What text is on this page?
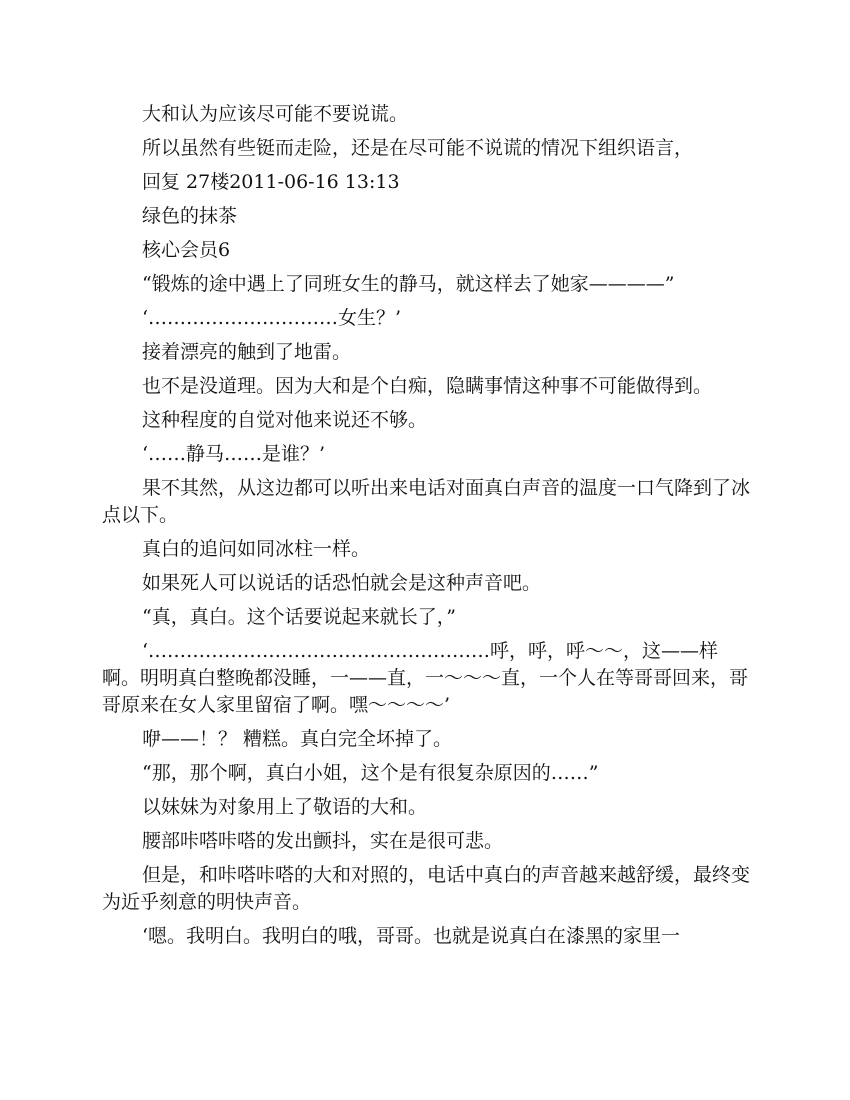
大和认为应该尽可能不要说谎。

所以虽然有些铤而走险，还是在尽可能不说谎的情况下组织语言，

回复 27楼2011-06-16 13:13

绿色的抹茶

核心会员6

“锻炼的途中遇上了同班女生的静马，就这样去了她家————”

‘…………………………女生？’

接着漂亮的触到了地雷。

也不是没道理。因为大和是个白痴，隐瞒事情这种事不可能做得到。

这种程度的自觉对他来说还不够。

‘……静马……是谁？’

果不其然，从这边都可以听出来电话对面真白声音的温度一口气降到了冰点以下。

真白的追问如同冰柱一样。

如果死人可以说话的话恐怕就会是这种声音吧。

“真，真白。这个话要说起来就长了，”

‘………………………………………………呼，呼，呼～～，这——样啊。明明真白整晚都没睡，一——直，一～～～直，一个人在等哥哥回来，哥哥原来在女人家里留宿了啊。嘿～～～～’

咿——！？ 糟糕。真白完全坏掉了。

“那，那个啊，真白小姐，这个是有很复杂原因的……”

以妹妹为对象用上了敬语的大和。

腰部咔嗒咔嗒的发出颤抖，实在是很可悲。

但是，和咔嗒咔嗒的大和对照的，电话中真白的声音越来越舒缓，最终变为近乎刻意的明快声音。

‘嗯。我明白。我明白的哦，哥哥。也就是说真白在漆黑的家里一
